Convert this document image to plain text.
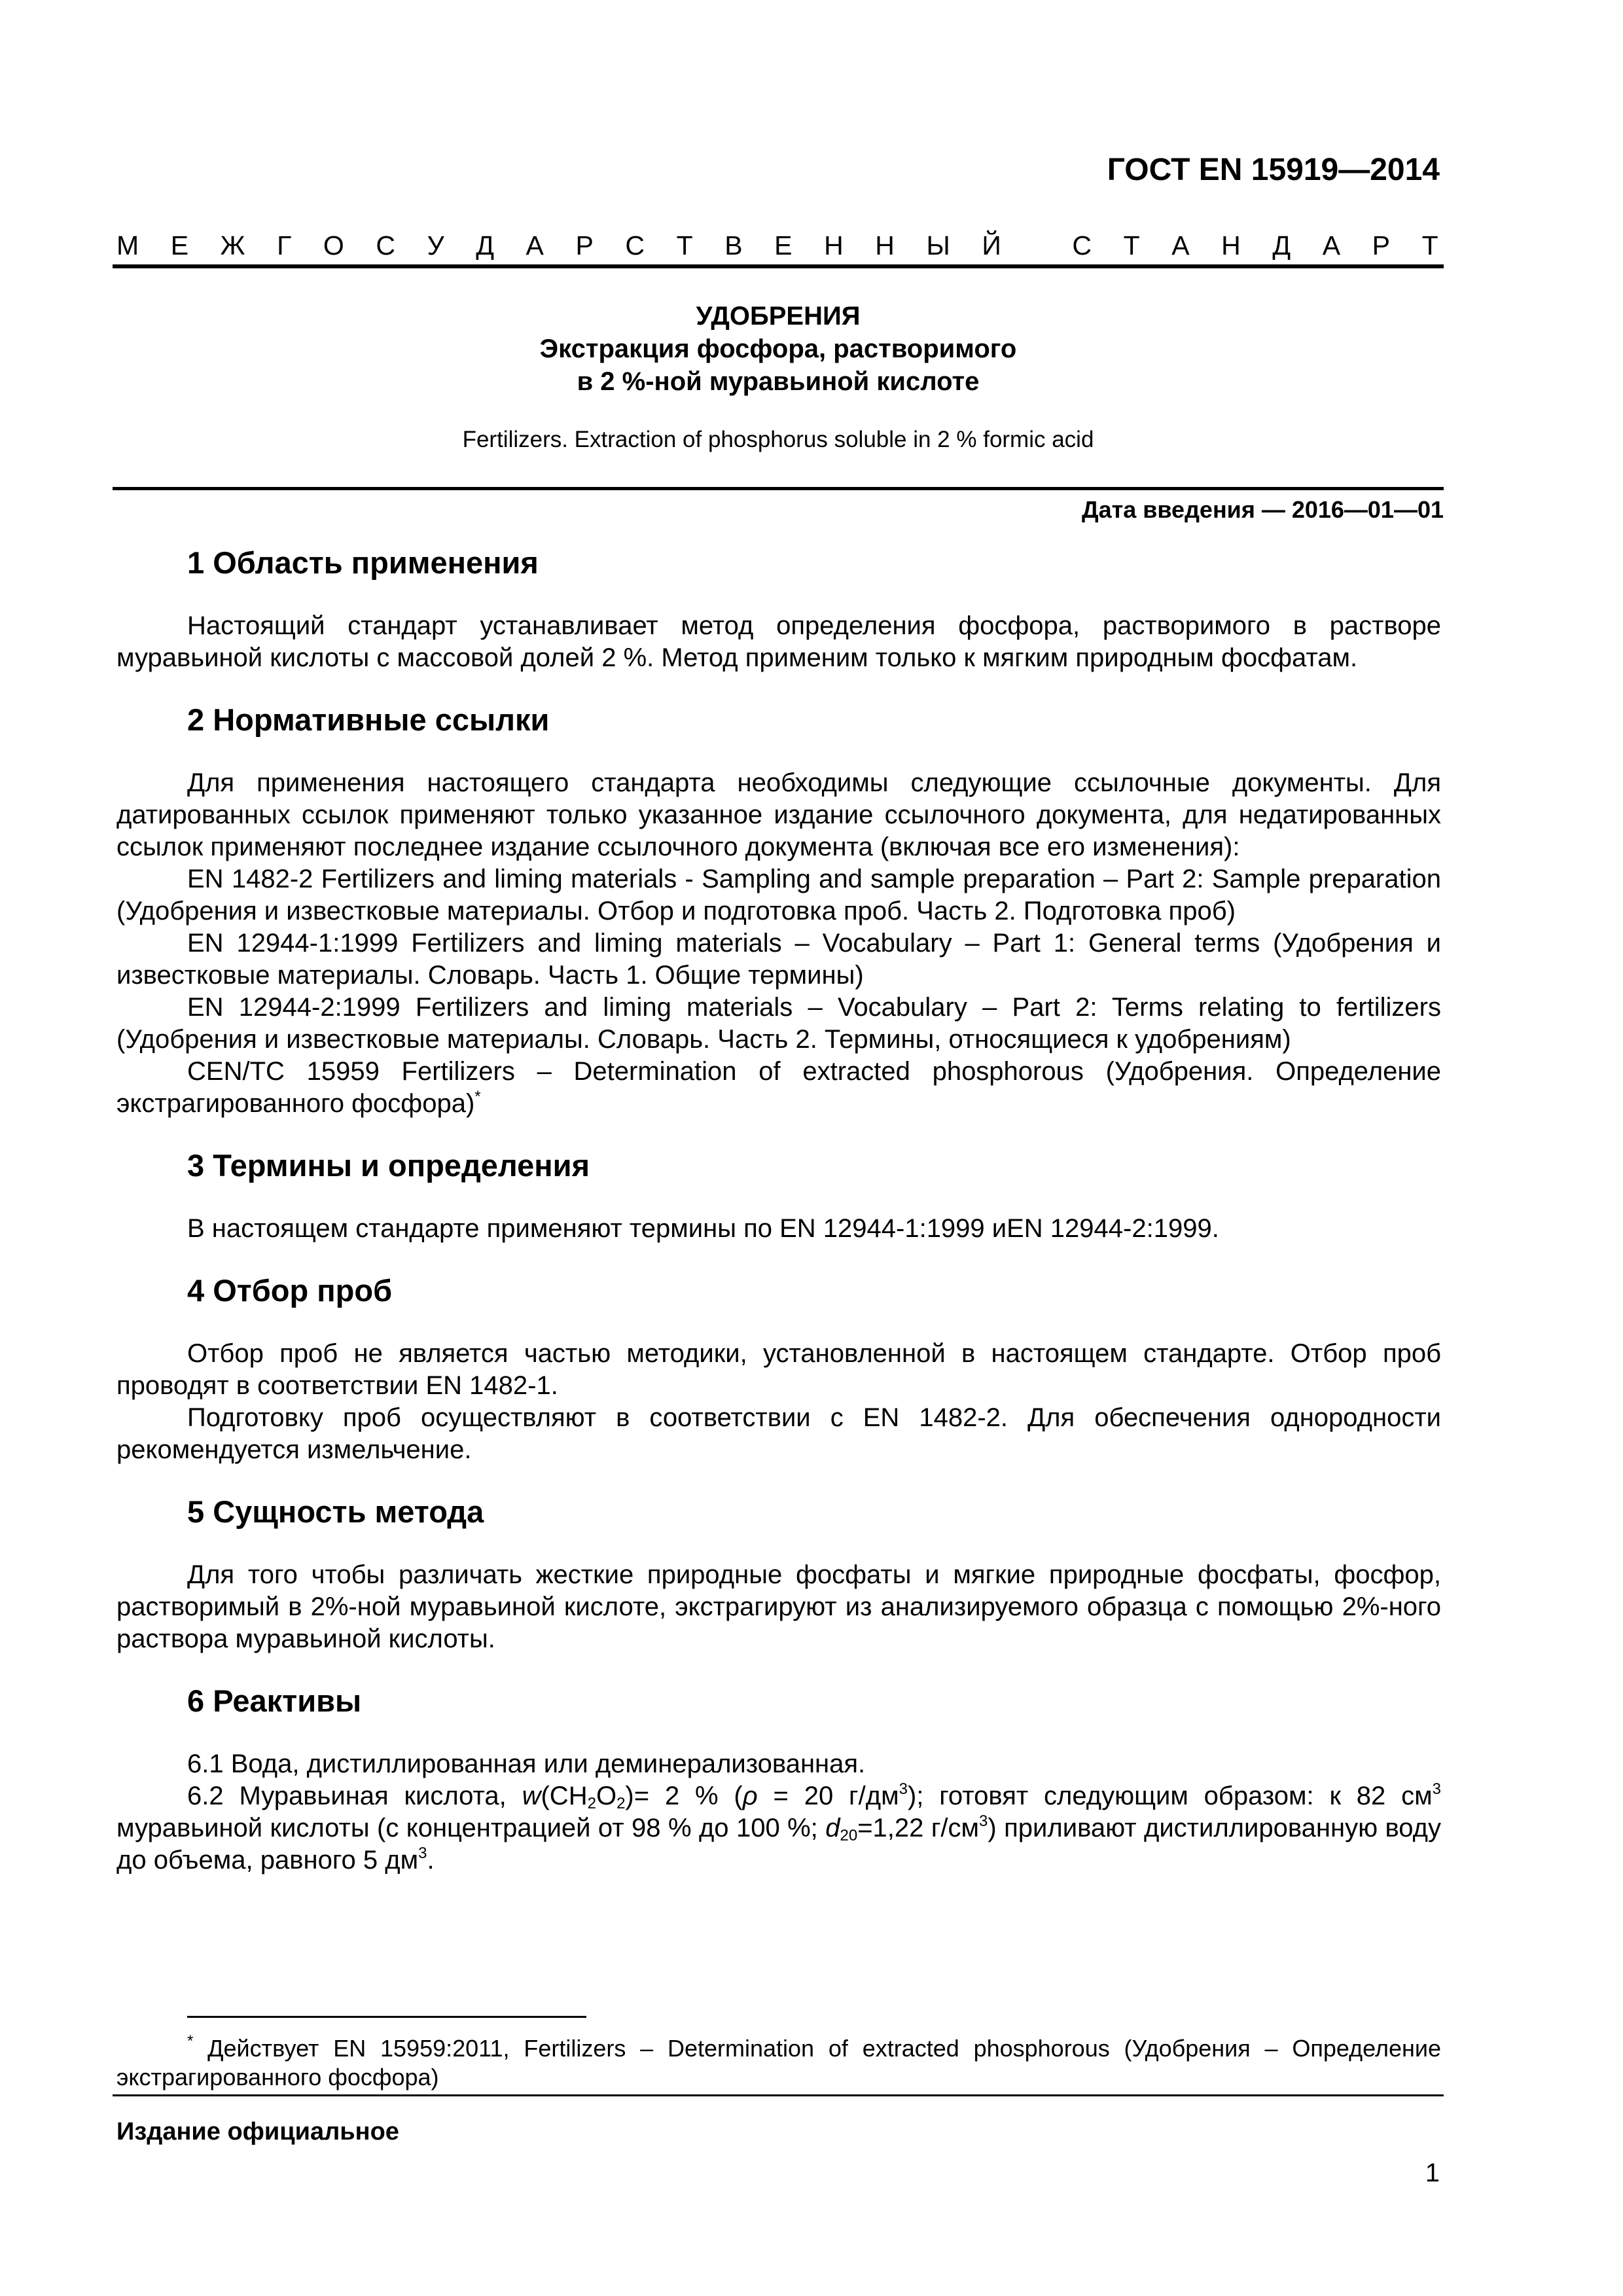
ГОСТ EN 15919—2014
М Е Ж Г О С У Д А Р С Т В Е Н Н Ы Й
	С Т А Н Д А Р Т
УДОБРЕНИЯ
Экстракция фосфора, растворимого
в 2 %-ной муравьиной кислоте
Fertilizers. Extraction of phosphorus soluble in 2 % formic acid
Дата введения — 2016—01—01
1 Область применения

Настоящий стандарт устанавливает метод определения фосфора, растворимого в растворе муравьиной кислоты с массовой долей 2 %. Метод применим только к мягким природным фосфатам.

2 Нормативные ссылки

Для применения настоящего стандарта необходимы следующие ссылочные документы. Для датированных ссылок применяют только указанное издание ссылочного документа, для недатированных ссылок применяют последнее издание ссылочного документа (включая все его изменения):

EN 1482-2 Fertilizers and liming materials - Sampling and sample preparation – Part 2: Sample preparation (Удобрения и известковые материалы. Отбор и подготовка проб. Часть 2. Подготовка проб)

EN 12944-1:1999 Fertilizers and liming materials – Vocabulary – Part 1: General terms (Удобрения и известковые материалы. Словарь. Часть 1. Общие термины)

EN 12944-2:1999 Fertilizers and liming materials – Vocabulary – Part 2: Terms relating to fertilizers (Удобрения и известковые материалы. Словарь. Часть 2. Термины, относящиеся к удобрениям)

CEN/TC 15959 Fertilizers – Determination of extracted phosphorous (Удобрения. Определение экстрагированного фосфора)*

3 Термины и определения

В настоящем стандарте применяют термины по EN 12944-1:1999 иEN 12944-2:1999.

4 Отбор проб

Отбор проб не является частью методики, установленной в настоящем стандарте. Отбор проб проводят в соответствии EN 1482-1.

Подготовку проб осуществляют в соответствии с EN 1482-2. Для обеспечения однородности рекомендуется измельчение.

5 Сущность метода

Для того чтобы различать жесткие природные фосфаты и мягкие природные фосфаты, фосфор, растворимый в 2%-ной муравьиной кислоте, экстрагируют из анализируемого образца с помощью 2%-ного раствора муравьиной кислоты.

6 Реактивы

6.1 Вода, дистиллированная или деминерализованная.

6.2 Муравьиная кислота, $w(CH_2O_2)= 2$ % (ρ = 20 $г/дм^3$); готовят следующим образом: к 82 $см^3$ муравьиной кислоты (с концентрацией от 98 % до 100 %; $d_{20}=1,22$ $г/см^3$) приливают дистиллированную воду до объема, равного 5 $дм^3$.

* Действует EN 15959:2011, Fertilizers – Determination of extracted phosphorous (Удобрения – Определение экстрагированного фосфора)
Издание официальное
1
